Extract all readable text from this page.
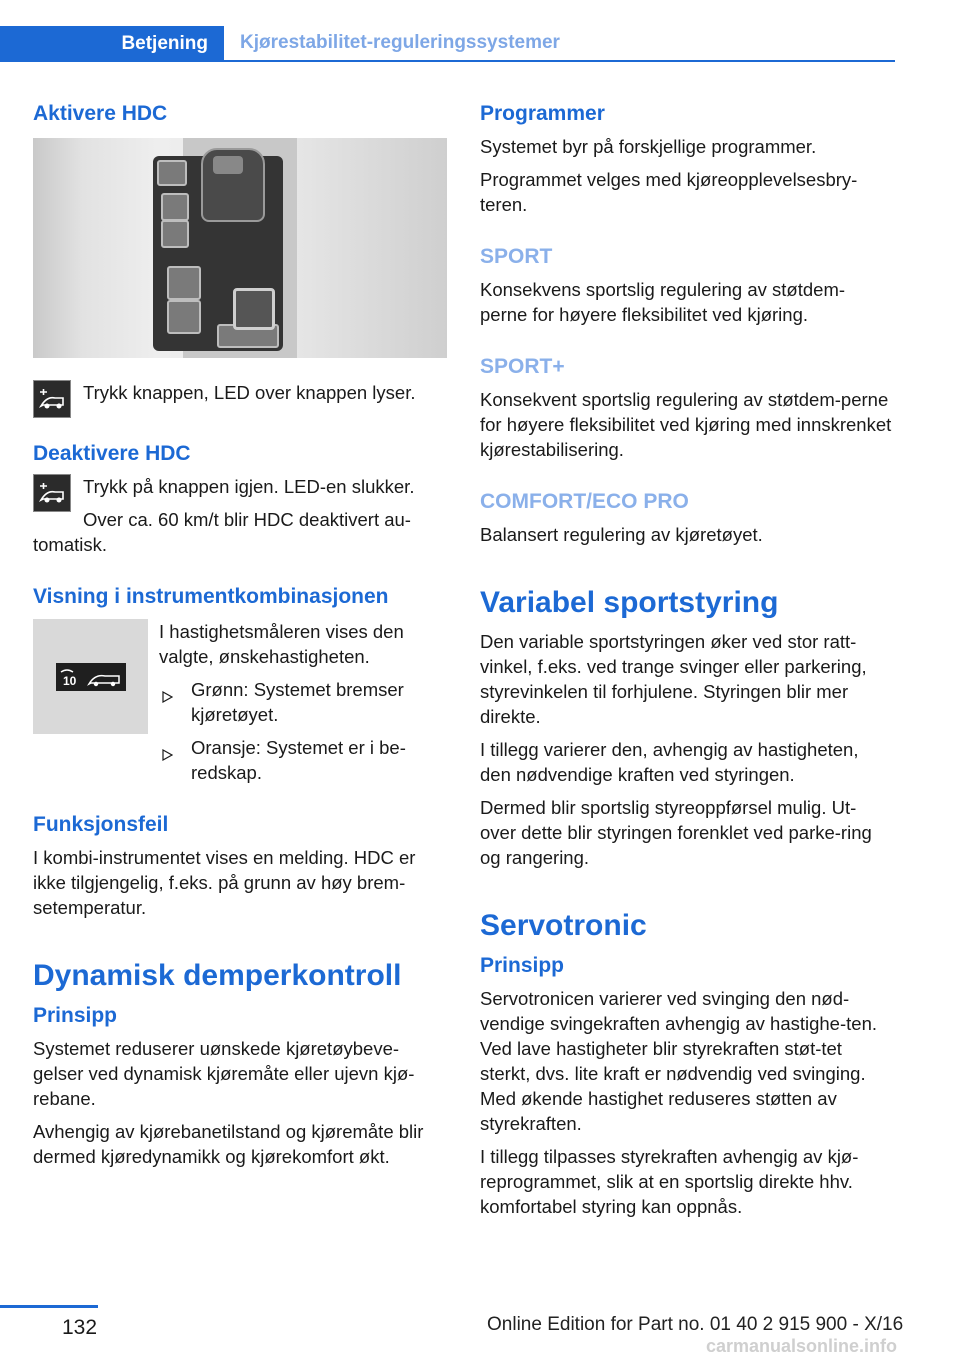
Betjening Kjørestabilitet-reguleringssystemer
Aktivere HDC

Trykk knappen, LED over knappen lyser.

Deaktivere HDC

Trykk på knappen igjen. LED-en slukker.

Over ca. 60 km/t blir HDC deaktivert au‐tomatisk.

Visning i instrumentkombinasjonen
10

I hastighetsmåleren vises den valgte, ønskehastigheten.

Grønn: Systemet bremser kjøretøyet.
Oransje: Systemet er i be‐redskap.
Funksjonsfeil

I kombi-instrumentet vises en melding. HDC er ikke tilgjengelig, f.eks. på grunn av høy brem‐setemperatur.

Dynamisk demperkontroll
Prinsipp

Systemet reduserer uønskede kjøretøybeve‐gelser ved dynamisk kjøremåte eller ujevn kjø‐rebane.

Avhengig av kjørebanetilstand og kjøremåte blir dermed kjøredynamikk og kjørekomfort økt.

Programmer

Systemet byr på forskjellige programmer.

Programmet velges med kjøreopplevelsesbry‐teren.

SPORT

Konsekvens sportslig regulering av støtdem‐perne for høyere fleksibilitet ved kjøring.

SPORT+

Konsekvent sportslig regulering av støtdem‐perne for høyere fleksibilitet ved kjøring med innskrenket kjørestabilisering.

COMFORT/ECO PRO

Balansert regulering av kjøretøyet.

Variabel sportstyring

Den variable sportstyringen øker ved stor ratt‐vinkel, f.eks. ved trange svinger eller parkering, styrevinkelen til forhjulene. Styringen blir mer direkte.

I tillegg varierer den, avhengig av hastigheten, den nødvendige kraften ved styringen.

Dermed blir sportslig styreoppførsel mulig. Ut‐over dette blir styringen forenklet ved parke‐ring og rangering.

Servotronic
Prinsipp

Servotronicen varierer ved svinging den nød‐vendige svingekraften avhengig av hastighe‐ten. Ved lave hastigheter blir styrekraften støt‐tet sterkt, dvs. lite kraft er nødvendig ved svinging. Med økende hastighet reduseres støtten av styrekraften.

I tillegg tilpasses styrekraften avhengig av kjø‐reprogrammet, slik at en sportslig direkte hhv. komfortabel styring kan oppnås.

132	Online Edition for Part no. 01 40 2 915 900 - X/16
carmanualsonline.info
